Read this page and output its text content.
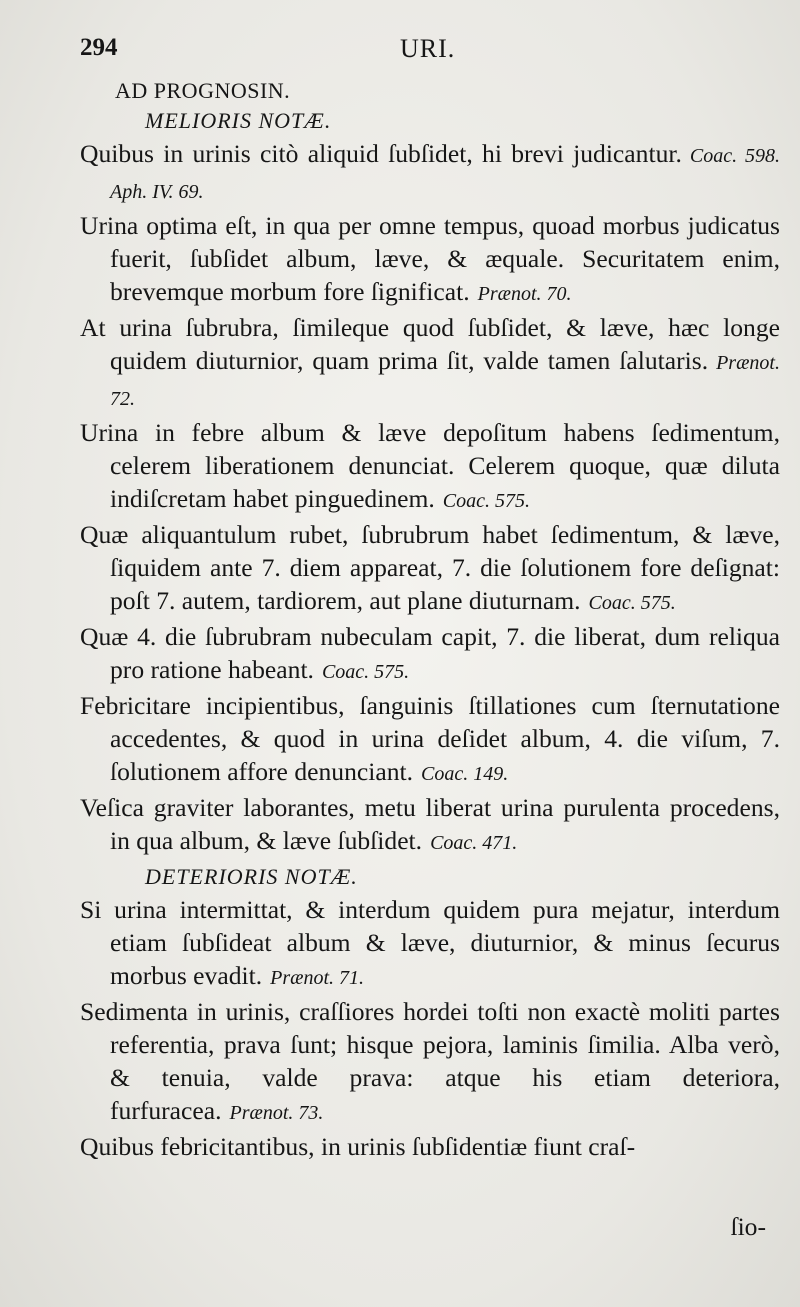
294	URI.
AD PROGNOSIN.
MELIORIS NOTÆ.

Quibus in urinis citò aliquid ſubſidet, hi brevi judicantur. Coac. 598. Aph. IV. 69.

Urina optima eſt, in qua per omne tempus, quoad morbus judicatus fuerit, ſubſidet album, læve, & æquale. Securitatem enim, brevemque morbum fore ſignificat. Prænot. 70.

At urina ſubrubra, ſimileque quod ſubſidet, & læve, hæc longe quidem diuturnior, quam prima ſit, valde tamen ſalutaris. Prænot. 72.

Urina in febre album & læve depoſitum habens ſedimentum, celerem liberationem denunciat. Celerem quoque, quæ diluta indiſcretam habet pinguedinem. Coac. 575.

Quæ aliquantulum rubet, ſubrubrum habet ſedimentum, & læve, ſiquidem ante 7. diem appareat, 7. die ſolutionem fore deſignat: poſt 7. autem, tardiorem, aut plane diuturnam. Coac. 575.

Quæ 4. die ſubrubram nubeculam capit, 7. die liberat, dum reliqua pro ratione habeant. Coac. 575.

Febricitare incipientibus, ſanguinis ſtillationes cum ſternutatione accedentes, & quod in urina deſidet album, 4. die viſum, 7. ſolutionem affore denunciant. Coac. 149.

Veſica graviter laborantes, metu liberat urina purulenta procedens, in qua album, & læve ſubſidet. Coac. 471.

DETERIORIS NOTÆ.

Si urina intermittat, & interdum quidem pura mejatur, interdum etiam ſubſideat album & læve, diuturnior, & minus ſecurus morbus evadit. Prænot. 71.

Sedimenta in urinis, craſſiores hordei toſti non exactè moliti partes referentia, prava ſunt; hisque pejora, laminis ſimilia. Alba verò, & tenuia, valde prava: atque his etiam deteriora, furfuracea. Prænot. 73.

Quibus febricitantibus, in urinis ſubſidentiæ fiunt craſ-

ſio-
